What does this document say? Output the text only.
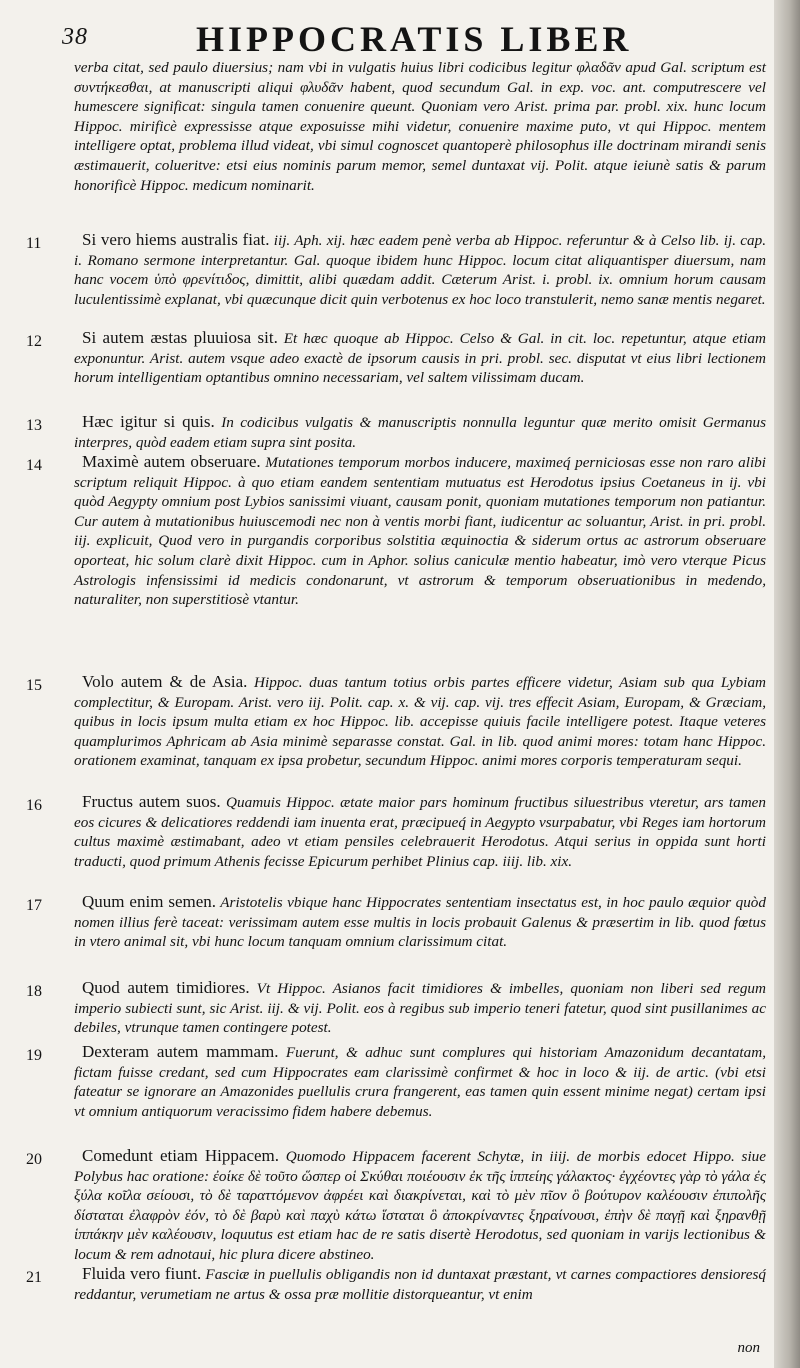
38	HIPPOCRATIS LIBER
verba citat, sed paulo diuersius; nam vbi in vulgatis huius libri codicibus legitur φλαδᾶν apud Gal. scriptum est συντήκεσθαι, at manuscripti aliqui φλυδᾶν habent, quod secundum Gal. in exp. voc. ant. computrescere vel humescere significat: singula tamen conuenire queunt. Quoniam vero Arist. prima par. probl. xix. hunc locum Hippoc. mirificè expressisse atque exposuisse mihi videtur, conuenire maxime puto, vt qui Hippoc. mentem intelligere optat, problema illud videat, vbi simul cognoscet quantoperè philosophus ille doctrinam mirandi senis æstimauerit, colueritve: etsi eius nominis parum memor, semel duntaxat vij. Polit. atque ieiunè satis & parum honorificè Hippoc. medicum nominarit.
11	Si vero hiems australis fiat. iij. Aph. xij. hæc eadem penè verba ab Hippoc. referuntur & à Celso lib. ij. cap. i. Romano sermone interpretantur. Gal. quoque ibidem hunc Hippoc. locum citat aliquantisper diuersum, nam hanc vocem ὑπὸ φρενίτιδος, dimittit, alibi quædam addit. Cæterum Arist. i. probl. ix. omnium horum causam luculentissimè explanat, vbi quæcunque dicit quin verbotenus ex hoc loco transtulerit, nemo sanæ mentis negaret.
12	Si autem æstas pluuiosa sit. Et hæc quoque ab Hippoc. Celso & Gal. in cit. loc. repetuntur, atque etiam exponuntur. Arist. autem vsque adeo exactè de ipsorum causis in pri. probl. sec. disputat vt eius libri lectionem horum intelligentiam optantibus omnino necessariam, vel saltem vilissimam ducam.
13	Hæc igitur si quis. In codicibus vulgatis & manuscriptis nonnulla leguntur quæ merito omisit Germanus interpres, quòd eadem etiam supra sint posita.
14	Maximè autem obseruare. Mutationes temporum morbos inducere, maximeq́ perniciosas esse non raro alibi scriptum reliquit Hippoc. à quo etiam eandem sententiam mutuatus est Herodotus ipsius Coetaneus in ij. vbi quòd Aegypty omnium post Lybios sanissimi viuant, causam ponit, quoniam mutationes temporum non patiantur. Cur autem à mutationibus huiuscemodi nec non à ventis morbi fiant, iudicentur ac soluantur, Arist. in pri. probl. iij. explicuit, Quod vero in purgandis corporibus solstitia æquinoctia & siderum ortus ac astrorum obseruare oporteat, hic solum clarè dixit Hippoc. cum in Aphor. solius caniculæ mentio habeatur, imò vero vterque Picus Astrologis infensissimi id medicis condonarunt, vt astrorum & temporum obseruationibus in medendo, naturaliter, non superstitiosè vtantur.
15	Volo autem & de Asia. Hippoc. duas tantum totius orbis partes efficere videtur, Asiam sub qua Lybiam complectitur, & Europam. Arist. vero iij. Polit. cap. x. & vij. cap. vij. tres effecit Asiam, Europam, & Græciam, quibus in locis ipsum multa etiam ex hoc Hippoc. lib. accepisse quiuis facile intelligere potest. Itaque veteres quamplurimos Aphricam ab Asia minimè separasse constat. Gal. in lib. quod animi mores: totam hanc Hippoc. orationem examinat, tanquam ex ipsa probetur, secundum Hippoc. animi mores corporis temperaturam sequi.
16	Fructus autem suos. Quamuis Hippoc. ætate maior pars hominum fructibus siluestribus vteretur, ars tamen eos cicures & delicatiores reddendi iam inuenta erat, præcipueq́ in Aegypto vsurpabatur, vbi Reges iam hortorum cultus maximè æstimabant, adeo vt etiam pensiles celebrauerit Herodotus. Atqui serius in oppida sunt horti traducti, quod primum Athenis fecisse Epicurum perhibet Plinius cap. iiij. lib. xix.
17	Quum enim semen. Aristotelis vbique hanc Hippocrates sententiam insectatus est, in hoc paulo æquior quòd nomen illius ferè taceat: verissimam autem esse multis in locis probauit Galenus & præsertim in lib. quod fœtus in vtero animal sit, vbi hunc locum tanquam omnium clarissimum citat.
18	Quod autem timidiores. Vt Hippoc. Asianos facit timidiores & imbelles, quoniam non liberi sed regum imperio subiecti sunt, sic Arist. iij. & vij. Polit. eos à regibus sub imperio teneri fatetur, quod sint pusillanimes ac debiles, vtrunque tamen contingere potest.
19	Dexteram autem mammam. Fuerunt, & adhuc sunt complures qui historiam Amazonidum decantatam, fictam fuisse credant, sed cum Hippocrates eam clarissimè confirmet & hoc in loco & iij. de artic. (vbi etsi fateatur se ignorare an Amazonides puellulis crura frangerent, eas tamen quin essent minime negat) certam ipsi vt omnium antiquorum veracissimo fidem habere debemus.
20	Comedunt etiam Hippacem. Quomodo Hippacem facerent Schytæ, in iiij. de morbis edocet Hippo. siue Polybus hac oratione: ἐοίκε δὲ τοῦτο ὥσπερ οἱ Σκύθαι ποιέουσιν ἐκ τῆς ἱππείης γάλακτος· ἐγχέοντες γὰρ τὸ γάλα ἐς ξύλα κοῖλα σείουσι, τὸ δὲ ταραττόμενον ἀφρέει καὶ διακρίνεται, καὶ τὸ μὲν πῖον ὃ βούτυρον καλέουσιν ἐπιπολῆς δίσταται ἐλαφρὸν ἐόν, τὸ δὲ βαρὺ καὶ παχὺ κάτω ἵσταται ὃ ἀποκρίναντες ξηραίνουσι, ἐπὴν δὲ παγῇ καὶ ξηρανθῇ ἱππάκην μὲν καλέουσιν, loquutus est etiam hac de re satis disertè Herodotus, sed quoniam in varijs lectionibus & locum & rem adnotaui, hic plura dicere abstineo.
21	Fluida vero fiunt. Fasciæ in puellulis obligandis non id duntaxat præstant, vt carnes compactiores densioresq́ reddantur, verumetiam ne artus & ossa præ mollitie distorqueantur, vt enim
non
